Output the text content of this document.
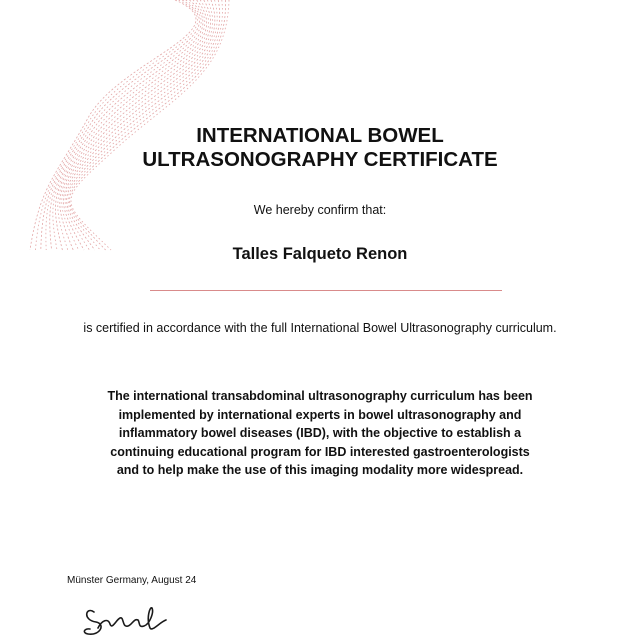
INTERNATIONAL BOWEL
ULTRASONOGRAPHY CERTIFICATE
We hereby confirm that:
Talles Falqueto Renon
is certified in accordance with the full International Bowel Ultrasonography curriculum.
The international transabdominal ultrasonography curriculum has been
implemented by international experts in bowel ultrasonography and
inflammatory bowel diseases (IBD), with the objective to establish a
continuing educational program for IBD interested gastroenterologists
and to help make the use of this imaging modality more widespread.
Münster Germany, August 24
